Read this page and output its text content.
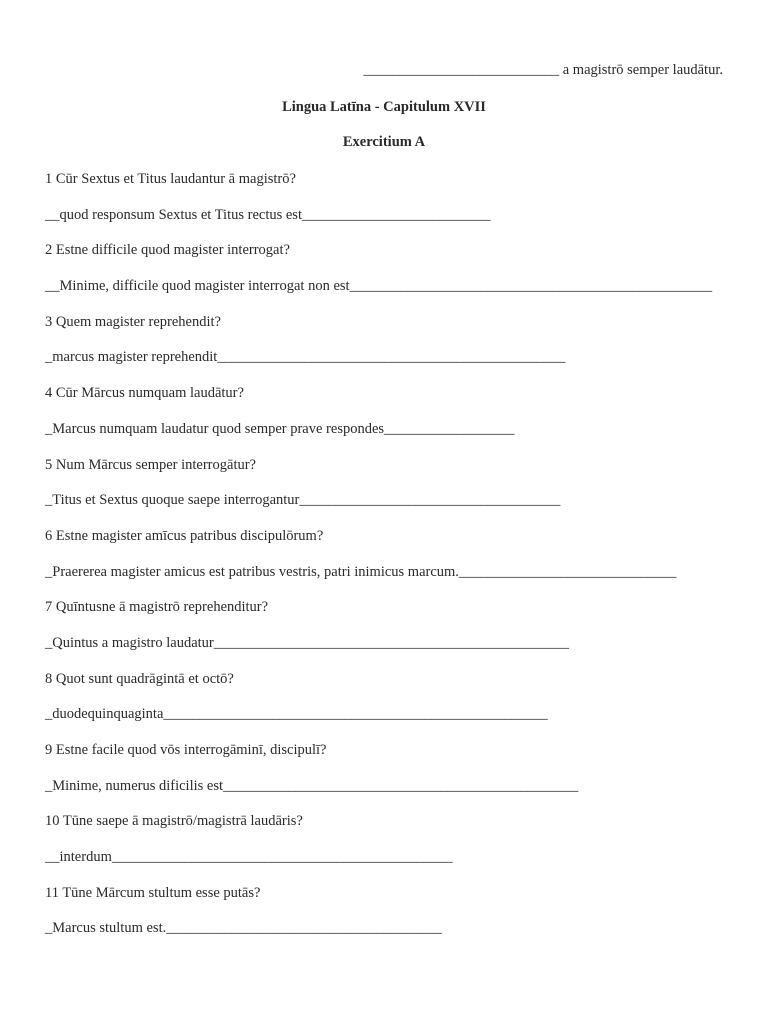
___________________________ a magistrō semper laudātur.
Lingua Latīna - Capitulum XVII
Exercitium A
1 Cūr Sextus et Titus laudantur ā magistrō?
__quod responsum Sextus et Titus rectus est__________________________
2 Estne difficile quod magister interrogat?
__Minime, difficile quod magister interrogat non est__________________________________________________
3 Quem magister reprehendit?
_marcus magister reprehendit________________________________________________
4 Cūr Mārcus numquam laudātur?
_Marcus numquam laudatur quod semper prave respondes__________________
5 Num Mārcus semper interrogātur?
_Titus et Sextus quoque saepe interrogantur____________________________________
6 Estne magister amīcus patribus discipulōrum?
_Praererea magister amicus est patribus vestris, patri inimicus marcum.______________________________
7 Quīntusne ā magistrō reprehenditur?
_Quintus a magistro laudatur_________________________________________________
8 Quot sunt quadrāgintā et octō?
_duodequinquaginta_____________________________________________________
9 Estne facile quod vōs interrogāminī, discipulī?
_Minime, numerus dificilis est_________________________________________________
10 Tūne saepe ā magistrō/magistrā laudāris?
__interdum_______________________________________________
11 Tūne Mārcum stultum esse putās?
_Marcus stultum est.______________________________________
